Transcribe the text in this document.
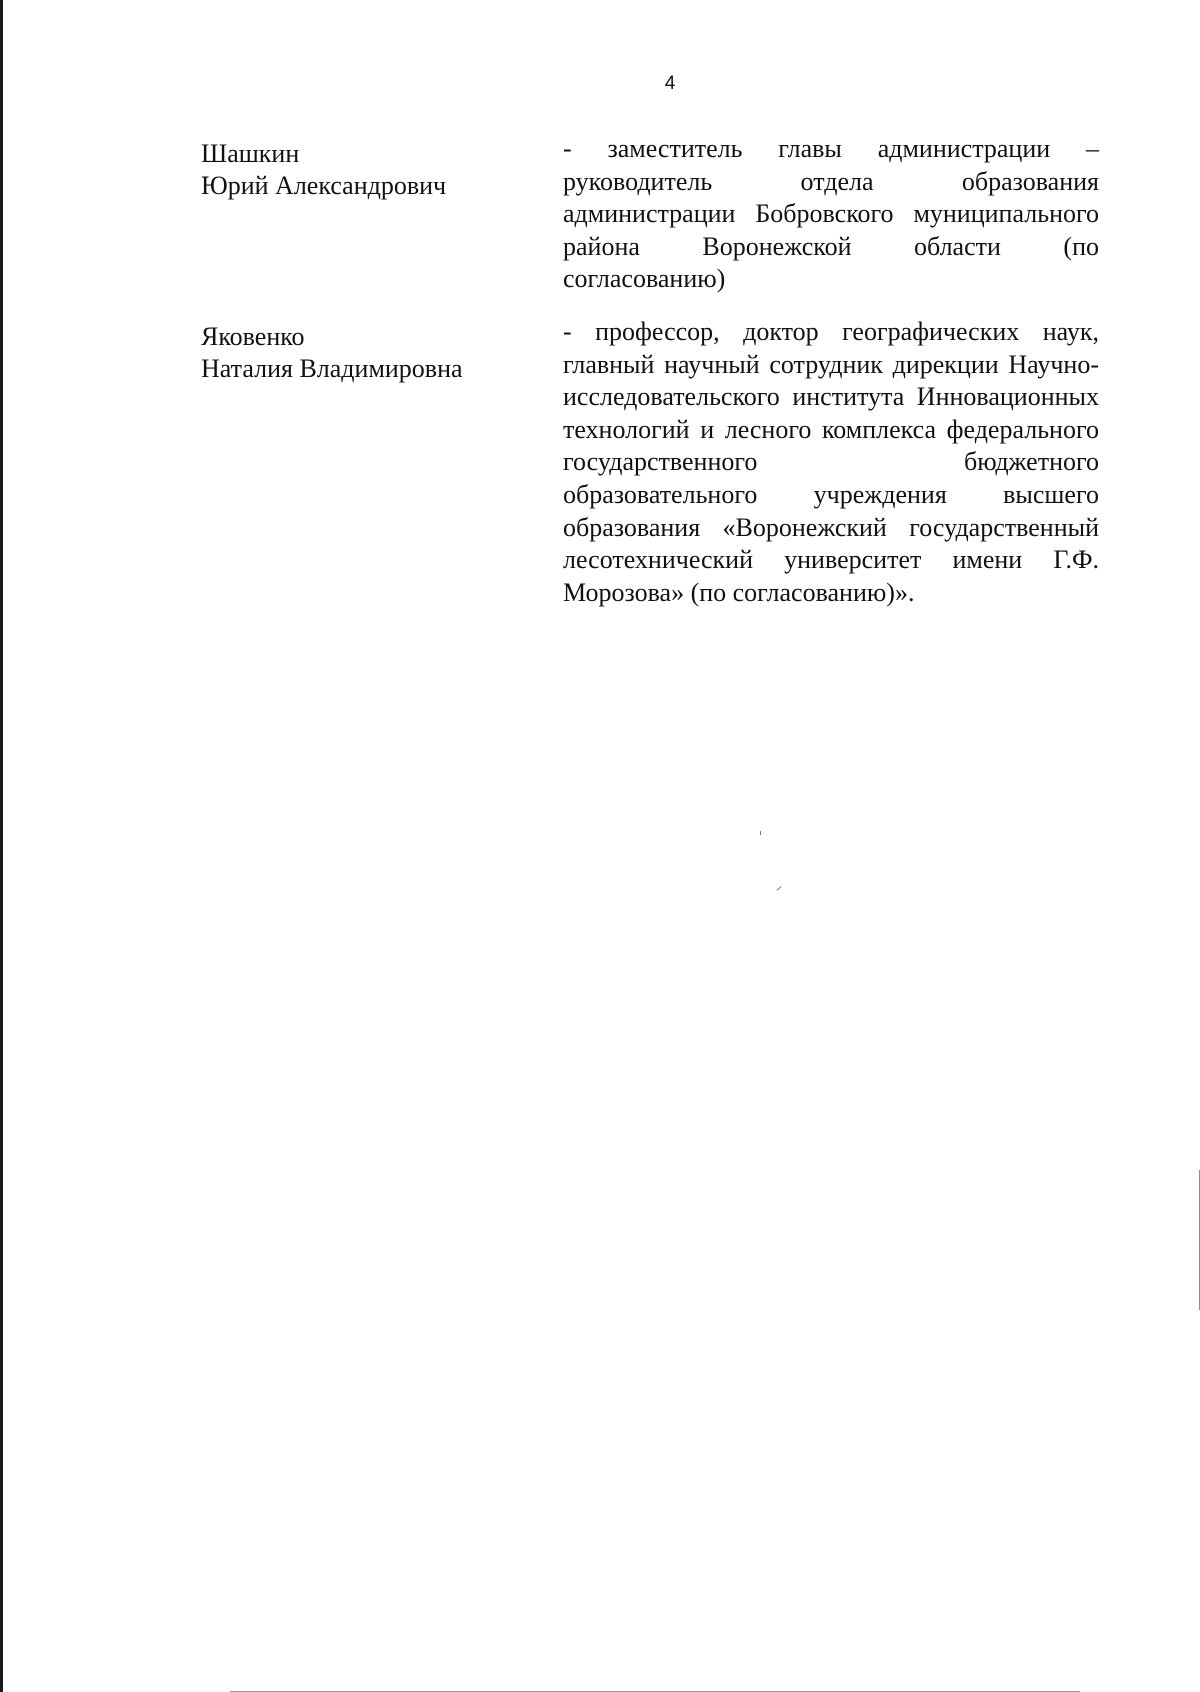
4
Шашкин
Юрий Александрович
- заместитель главы администрации – руководитель отдела образования администрации Бобровского муниципального района Воронежской области (по согласованию)
Яковенко
Наталия Владимировна
- профессор, доктор географических наук, главный научный сотрудник дирекции Научно-исследовательского института Инновационных технологий и лесного комплекса федерального государственного бюджетного образовательного учреждения высшего образования «Воронежский государственный лесотехнический университет имени Г.Ф. Морозова» (по согласованию)».
